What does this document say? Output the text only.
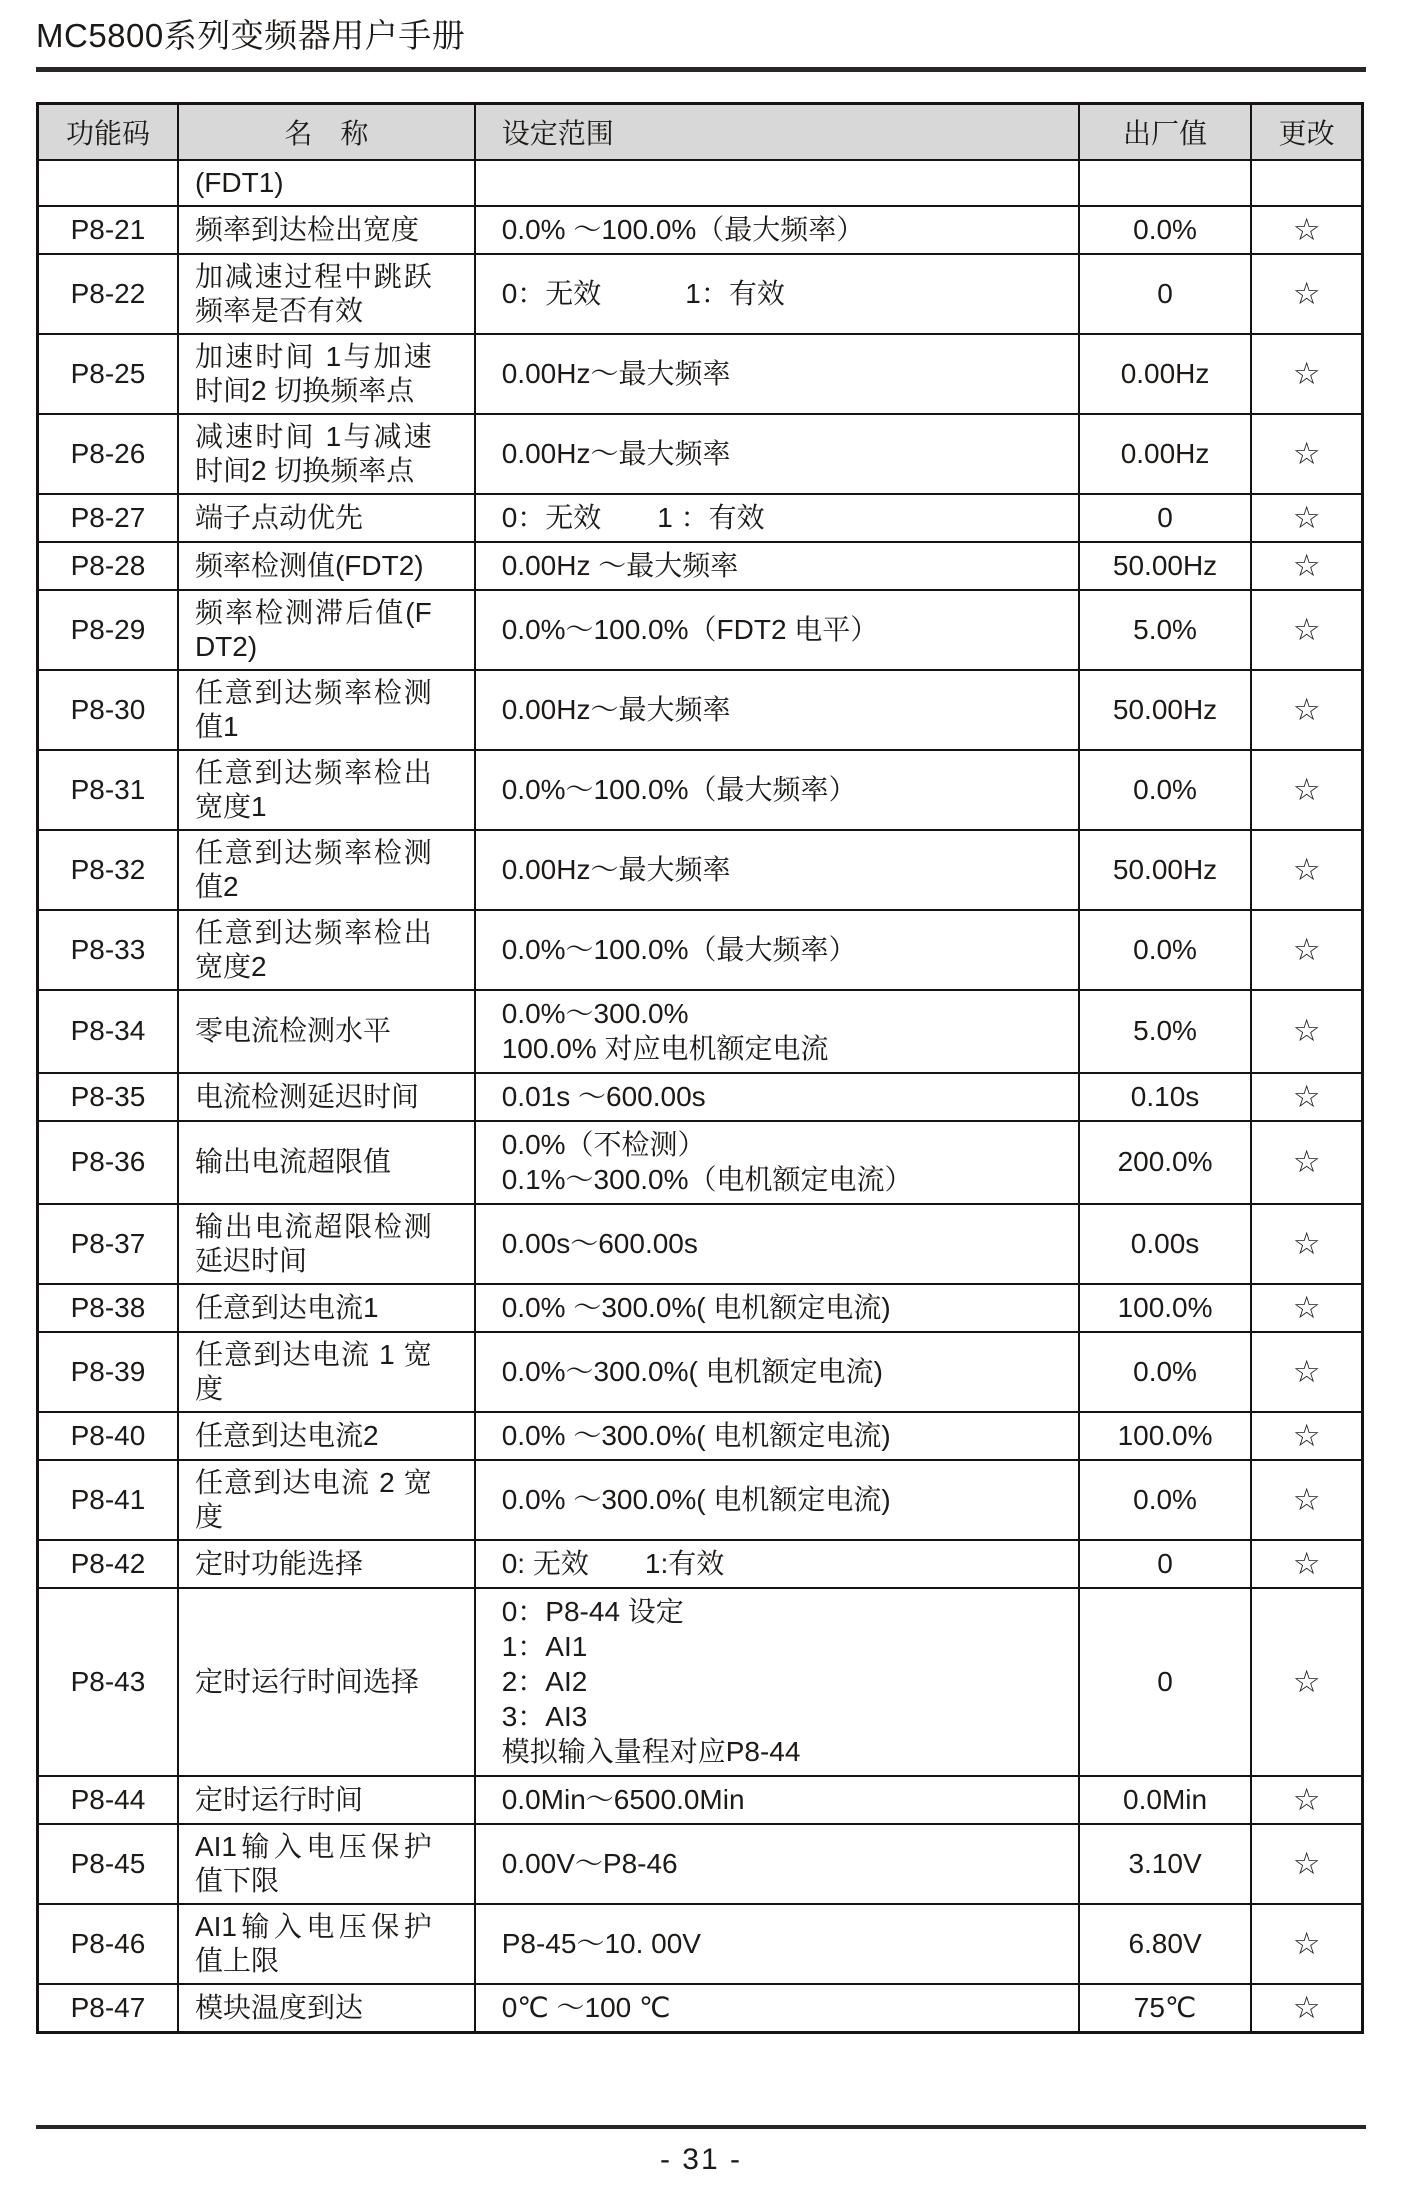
MC5800系列变频器用户手册
功能码	名　称	设定范围	出厂值	更改
	(FDT1)			
P8-21	频率到达检出宽度	0.0% ～100.0%（最大频率）	0.0%	☆
P8-22	加减速过程中跳跃频率是否有效	0：无效　　　1：有效	0	☆
P8-25	加速时间 1与加速时间2 切换频率点	0.00Hz～最大频率	0.00Hz	☆
P8-26	减速时间 1与减速时间2 切换频率点	0.00Hz～最大频率	0.00Hz	☆
P8-27	端子点动优先	0：无效　　1 ：有效	0	☆
P8-28	频率检测值(FDT2)	0.00Hz ～最大频率	50.00Hz	☆
P8-29	频率检测滞后值(FDT2)	0.0%～100.0%（FDT2 电平）	5.0%	☆
P8-30	任意到达频率检测值1	0.00Hz～最大频率	50.00Hz	☆
P8-31	任意到达频率检出宽度1	0.0%～100.0%（最大频率）	0.0%	☆
P8-32	任意到达频率检测值2	0.00Hz～最大频率	50.00Hz	☆
P8-33	任意到达频率检出宽度2	0.0%～100.0%（最大频率）	0.0%	☆
P8-34	零电流检测水平	0.0%～300.0%
100.0% 对应电机额定电流	5.0%	☆
P8-35	电流检测延迟时间	0.01s ～600.00s	0.10s	☆
P8-36	输出电流超限值	0.0%（不检测）
0.1%～300.0%（电机额定电流）	200.0%	☆
P8-37	输出电流超限检测延迟时间	0.00s～600.00s	0.00s	☆
P8-38	任意到达电流1	0.0% ～300.0%( 电机额定电流)	100.0%	☆
P8-39	任意到达电流 1 宽度	0.0%～300.0%( 电机额定电流)	0.0%	☆
P8-40	任意到达电流2	0.0% ～300.0%( 电机额定电流)	100.0%	☆
P8-41	任意到达电流 2 宽度	0.0% ～300.0%( 电机额定电流)	0.0%	☆
P8-42	定时功能选择	0: 无效　　1:有效	0	☆
P8-43	定时运行时间选择	0：P8-44 设定
1：AI1
2：AI2
3：AI3
模拟输入量程对应P8-44	0	☆
P8-44	定时运行时间	0.0Min～6500.0Min	0.0Min	☆
P8-45	AI1输入电压保护值下限	0.00V～P8-46	3.10V	☆
P8-46	AI1输入电压保护值上限	P8-45～10. 00V	6.80V	☆
P8-47	模块温度到达	0℃ ～100 ℃	75℃	☆
- 31 -
